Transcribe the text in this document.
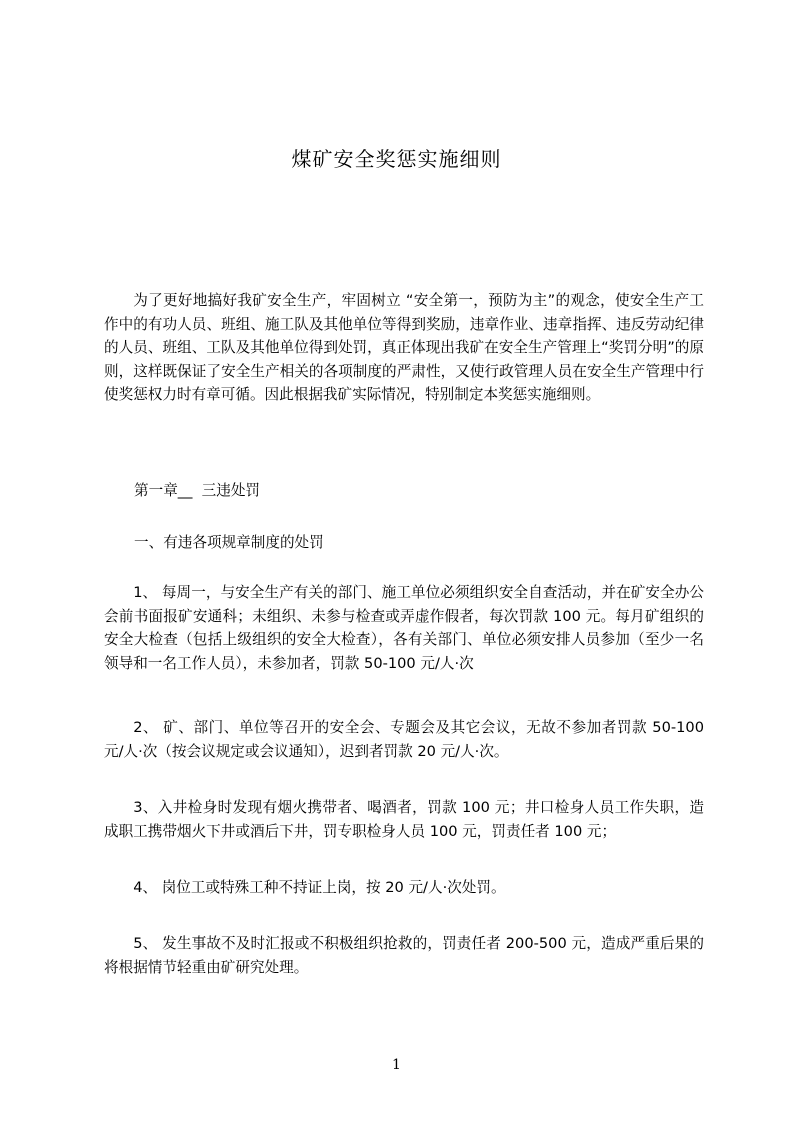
煤矿安全奖惩实施细则

为了更好地搞好我矿安全生产，牢固树立 “安全第一，预防为主”的观念，使安全生产工作中的有功人员、班组、施工队及其他单位等得到奖励，违章作业、违章指挥、违反劳动纪律的人员、班组、工队及其他单位得到处罚，真正体现出我矿在安全生产管理上“奖罚分明”的原则，这样既保证了安全生产相关的各项制度的严肃性，又使行政管理人员在安全生产管理中行使奖惩权力时有章可循。因此根据我矿实际情况，特别制定本奖惩实施细则。

第一章__  三违处罚
一、有违各项规章制度的处罚

1、 每周一，与安全生产有关的部门、施工单位必须组织安全自查活动，并在矿安全办公会前书面报矿安通科；未组织、未参与检查或弄虚作假者，每次罚款 100 元。每月矿组织的安全大检查（包括上级组织的安全大检查），各有关部门、单位必须安排人员参加（至少一名领导和一名工作人员），未参加者，罚款 50-100 元/人·次

2、 矿、部门、单位等召开的安全会、专题会及其它会议，无故不参加者罚款 50-100 元/人·次（按会议规定或会议通知），迟到者罚款 20 元/人·次。

3、入井检身时发现有烟火携带者、喝酒者，罚款 100 元；井口检身人员工作失职，造成职工携带烟火下井或酒后下井，罚专职检身人员 100 元，罚责任者 100 元；

4、 岗位工或特殊工种不持证上岗，按 20 元/人·次处罚。

5、 发生事故不及时汇报或不积极组织抢救的，罚责任者 200-500 元，造成严重后果的将根据情节轻重由矿研究处理。

1
